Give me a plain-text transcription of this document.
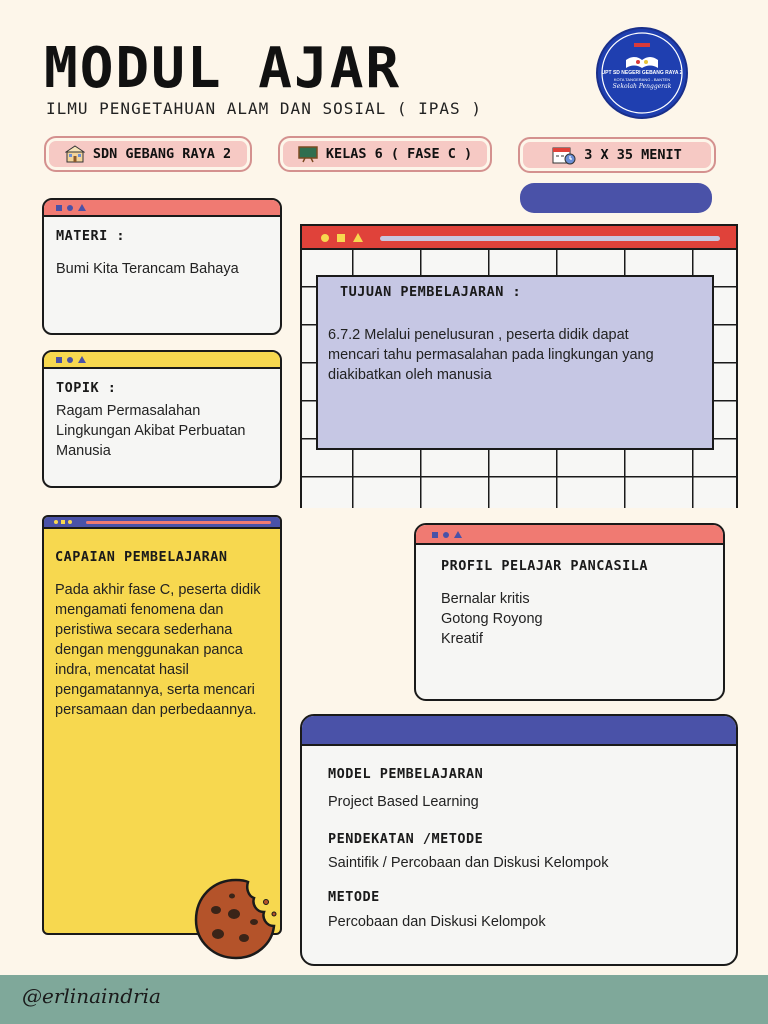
MODUL AJAR
ILMU PENGETAHUAN ALAM DAN SOSIAL ( IPAS )
UPT SD NEGERI GEBANG RAYA 2
KOTA TANGERANG - BANTEN
Sekolah Penggerak
SDN GEBANG RAYA 2	KELAS 6 ( FASE C )	3 X 35 MENIT
MATERI :
Bumi Kita Terancam Bahaya
TOPIK :
Ragam Permasalahan Lingkungan Akibat Perbuatan Manusia
TUJUAN PEMBELAJARAN :
6.7.2 Melalui penelusuran , peserta didik dapat mencari tahu permasalahan pada lingkungan yang diakibatkan oleh manusia
CAPAIAN PEMBELAJARAN
Pada akhir fase C, peserta didik mengamati fenomena dan peristiwa secara sederhana dengan menggunakan panca indra, mencatat hasil pengamatannya, serta mencari persamaan dan perbedaannya.
PROFIL PELAJAR PANCASILA
Bernalar kritis
Gotong Royong
Kreatif
MODEL PEMBELAJARAN
Project Based Learning
PENDEKATAN /METODE
Saintifik / Percobaan dan Diskusi Kelompok
METODE
Percobaan dan Diskusi Kelompok
@erlinaindria
